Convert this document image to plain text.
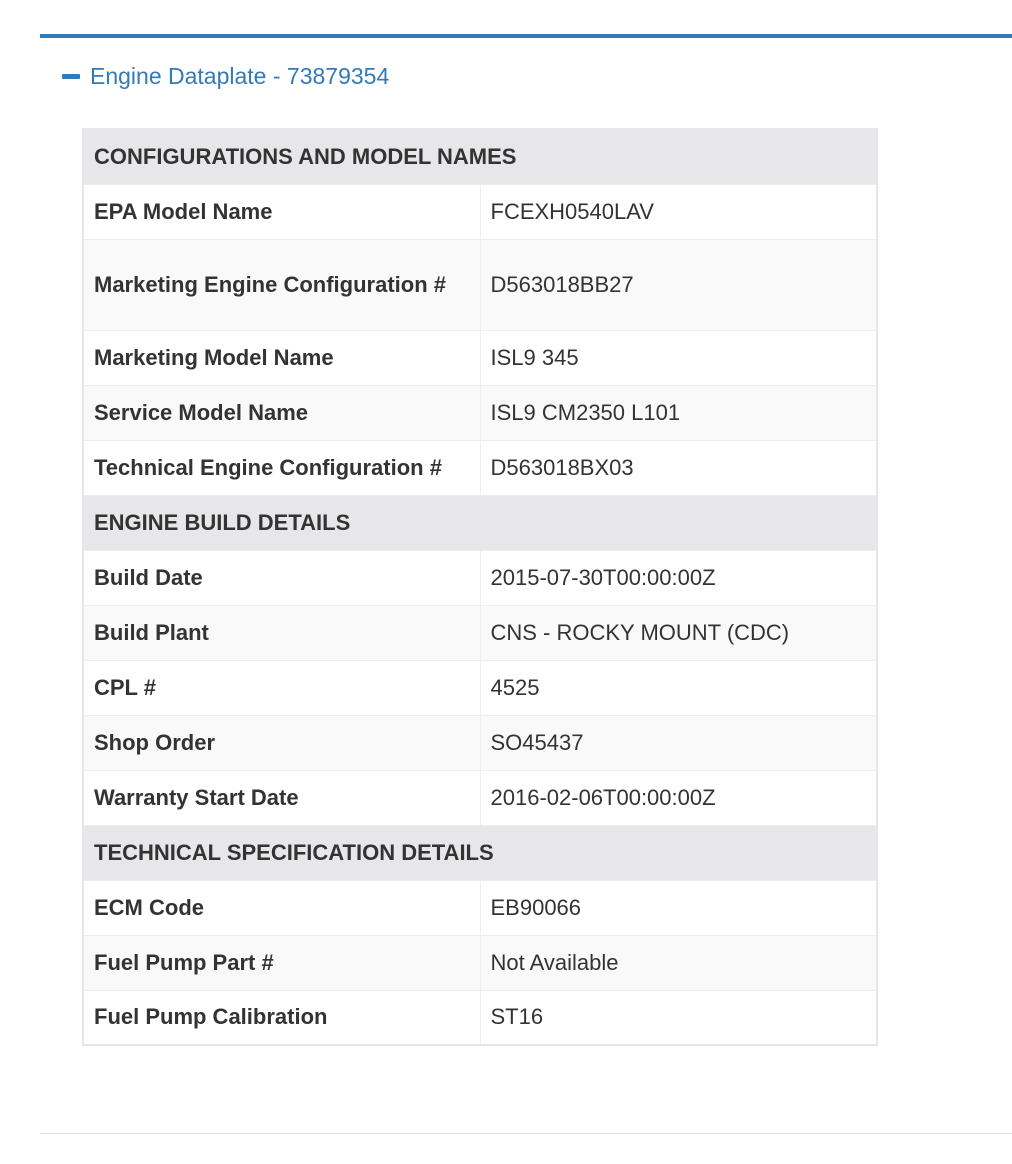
Engine Dataplate - 73879354
CONFIGURATIONS AND MODEL NAMES	
EPA Model Name	FCEXH0540LAV
Marketing Engine Configuration #	D563018BB27
Marketing Model Name	ISL9 345
Service Model Name	ISL9 CM2350 L101
Technical Engine Configuration #	D563018BX03
ENGINE BUILD DETAILS	
Build Date	2015-07-30T00:00:00Z
Build Plant	CNS - ROCKY MOUNT (CDC)
CPL #	4525
Shop Order	SO45437
Warranty Start Date	2016-02-06T00:00:00Z
TECHNICAL SPECIFICATION DETAILS	
ECM Code	EB90066
Fuel Pump Part #	Not Available
Fuel Pump Calibration	ST16
